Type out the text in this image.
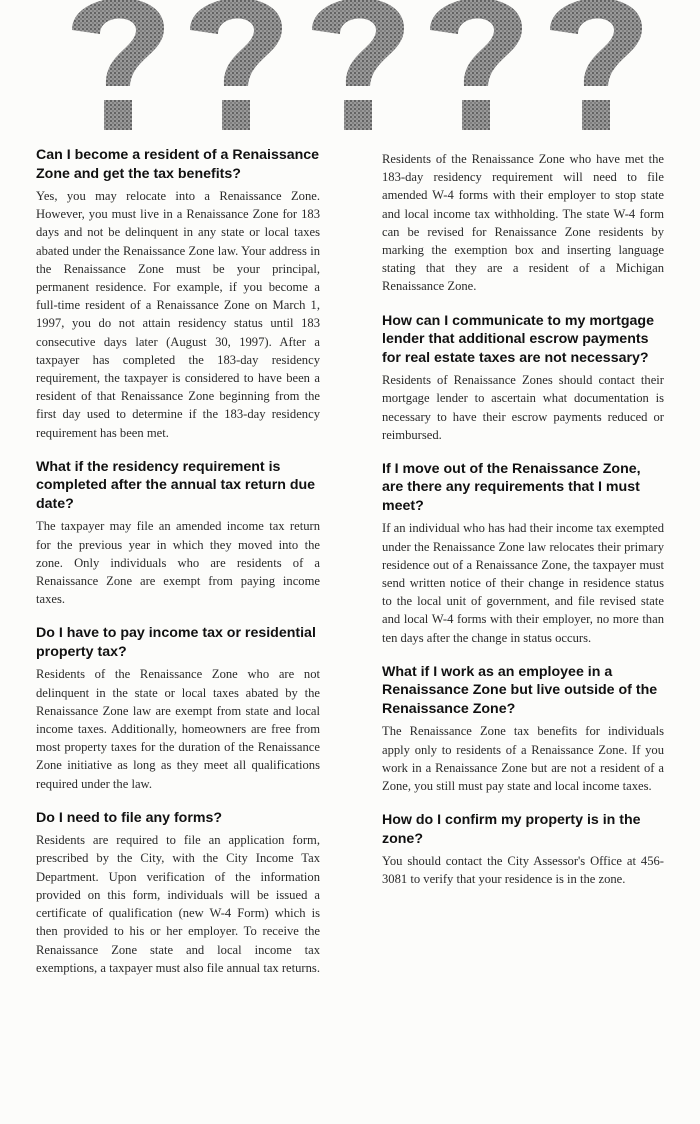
Can I become a resident of a Renaissance Zone and get the tax benefits?

Yes, you may relocate into a Renaissance Zone. However, you must live in a Renaissance Zone for 183 days and not be delinquent in any state or local taxes abated under the Renaissance Zone law. Your address in the Renaissance Zone must be your principal, permanent residence. For example, if you become a full-time resident of a Renaissance Zone on March 1, 1997, you do not attain residency status until 183 consecutive days later (August 30, 1997). After a taxpayer has completed the 183-day residency requirement, the taxpayer is considered to have been a resident of that Renaissance Zone beginning from the first day used to determine if the 183-day residency requirement has been met.

What if the residency requirement is completed after the annual tax return due date?

The taxpayer may file an amended income tax return for the previous year in which they moved into the zone. Only individuals who are residents of a Renaissance Zone are exempt from paying income taxes.

Do I have to pay income tax or residential property tax?

Residents of the Renaissance Zone who are not delinquent in the state or local taxes abated by the Renaissance Zone law are exempt from state and local income taxes. Additionally, homeowners are free from most property taxes for the duration of the Renaissance Zone initiative as long as they meet all qualifications required under the law.

Do I need to file any forms?

Residents are required to file an application form, prescribed by the City, with the City Income Tax Department. Upon verification of the information provided on this form, individuals will be issued a certificate of qualification (new W-4 Form) which is then provided to his or her employer. To receive the Renaissance Zone state and local income tax exemptions, a taxpayer must also file annual tax returns.

Residents of the Renaissance Zone who have met the 183-day residency requirement will need to file amended W-4 forms with their employer to stop state and local income tax withholding. The state W-4 form can be revised for Renaissance Zone residents by marking the exemption box and inserting language stating that they are a resident of a Michigan Renaissance Zone.

How can I communicate to my mortgage lender that additional escrow payments for real estate taxes are not necessary?

Residents of Renaissance Zones should contact their mortgage lender to ascertain what documentation is necessary to have their escrow payments reduced or reimbursed.

If I move out of the Renaissance Zone, are there any requirements that I must meet?

If an individual who has had their income tax exempted under the Renaissance Zone law relocates their primary residence out of a Renaissance Zone, the taxpayer must send written notice of their change in residence status to the local unit of government, and file revised state and local W-4 forms with their employer, no more than ten days after the change in status occurs.

What if I work as an employee in a Renaissance Zone but live outside of the Renaissance Zone?

The Renaissance Zone tax benefits for individuals apply only to residents of a Renaissance Zone. If you work in a Renaissance Zone but are not a resident of a Zone, you still must pay state and local income taxes.

How do I confirm my property is in the zone?

You should contact the City Assessor's Office at 456-3081 to verify that your residence is in the zone.
